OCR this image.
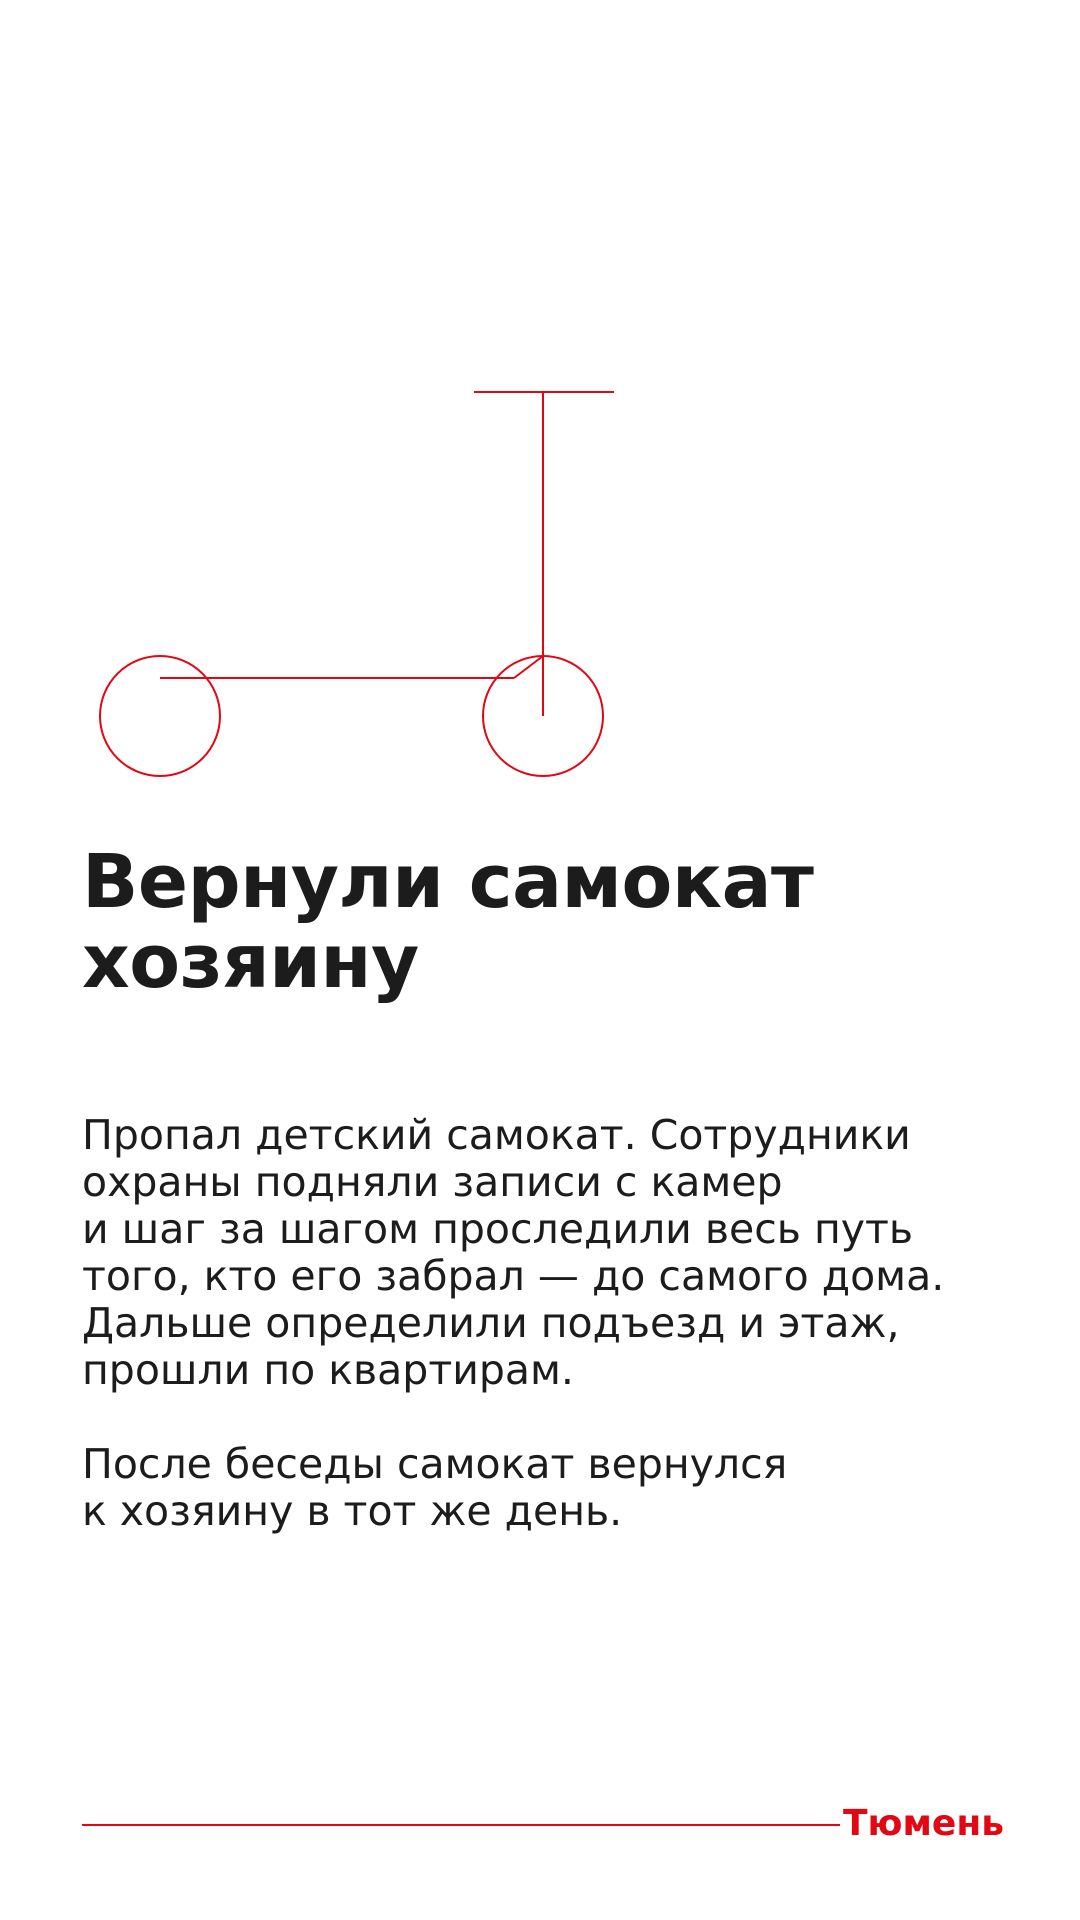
Вернули самокат хозяину

Пропал детский самокат. Сотрудники
охраны подняли записи с камер
и шаг за шагом проследили весь путь
того, кто его забрал — до самого дома.
Дальше определили подъезд и этаж,
прошли по квартирам.

После беседы самокат вернулся
к хозяину в тот же день.

Тюмень
